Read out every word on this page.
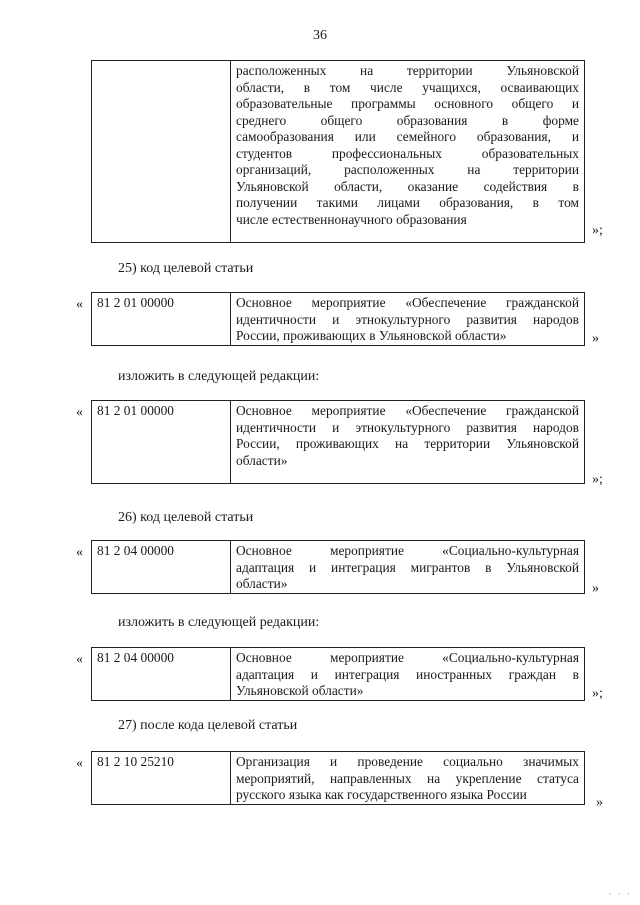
36

расположенных на территории Ульяновской
области, в том числе учащихся, осваивающих
образовательные программы основного общего и
среднего общего образования в форме
самообразования или семейного образования, и
студентов профессиональных образовательных
организаций, расположенных на территории
Ульяновской области, оказание содействия в
получении такими лицами образования, в том
числе естественнонаучного образования
»;
25) код целевой статьи
« 81 2 01 00000	Основное мероприятие «Обеспечение гражданской
идентичности и этнокультурного развития народов
России, проживающих в Ульяновской области»	»
изложить в следующей редакции:
« 81 2 01 00000	Основное мероприятие «Обеспечение гражданской
идентичности и этнокультурного развития народов
России, проживающих на территории Ульяновской
области»
»;
26) код целевой статьи
« 81 2 04 00000	Основное мероприятие «Социально-культурная
адаптация и интеграция мигрантов в Ульяновской
области»	»
изложить в следующей редакции:
« 81 2 04 00000	Основное мероприятие «Социально-культурная
адаптация и интеграция иностранных граждан в
Ульяновской области»	»;
27) после кода целевой статьи
« 81 2 10 25210	Организация и проведение социально значимых
мероприятий, направленных на укрепление статуса
русского языка как государственного языка России
»
· · ·
